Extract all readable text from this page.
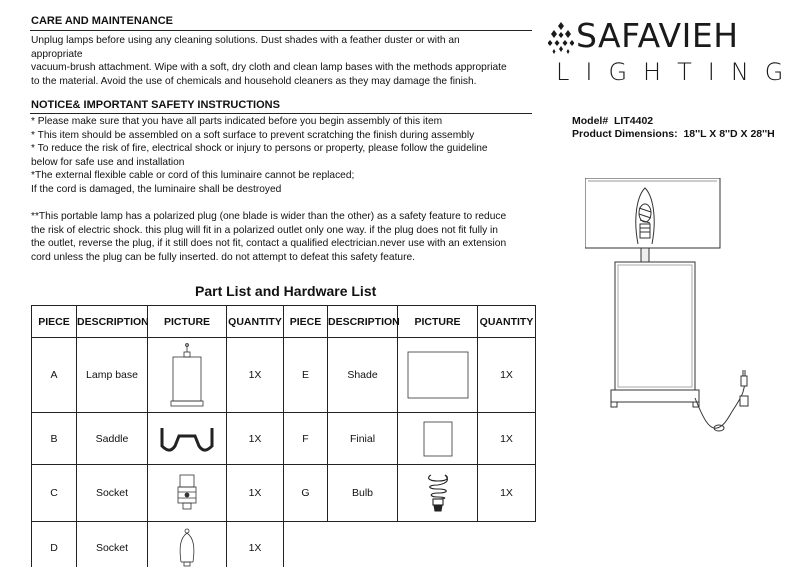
CARE AND MAINTENANCE
Unplug lamps before using any cleaning solutions. Dust shades with a feather duster or with an
appropriate
vacuum-brush attachment. Wipe with a soft, dry cloth and clean lamp bases with the methods appropriate
to the material. Avoid the use of chemicals and household cleaners as they may damage the finish.
NOTICE& IMPORTANT SAFETY INSTRUCTIONS
* Please make sure that you have all parts indicated before you begin assembly of this item
* This item should be assembled on a soft surface to prevent scratching the finish during assembly
* To reduce the risk of fire, electrical shock or injury to persons or property, please follow the guideline
below for safe use and installation
*The external flexible cable or cord of this luminaire cannot be replaced;
If the cord is damaged, the luminaire shall be destroyed
**This portable lamp has a polarized plug (one blade is wider than the other) as a safety feature to reduce
the risk of electric shock. this plug will fit in a polarized outlet only one way. if the plug does not fit fully in
the outlet, reverse the plug, if it still does not fit, contact a qualified electrician.never use with an extension
cord unless the plug can be fully inserted. do not attempt to defeat this safety feature.
SAFAVIEH
LIGHTING
Model# LIT4402
Product Dimensions: 18''L X 8''D X 28''H
Part List and Hardware List
PIECE	DESCRIPTION	PICTURE	QUANTITY	PIECE	DESCRIPTION	PICTURE	QUANTITY
A	Lamp base		1X	E	Shade		1X
B	Saddle		1X	F	Finial		1X
C	Socket		1X	G	Bulb		1X
D	Socket		1X				
